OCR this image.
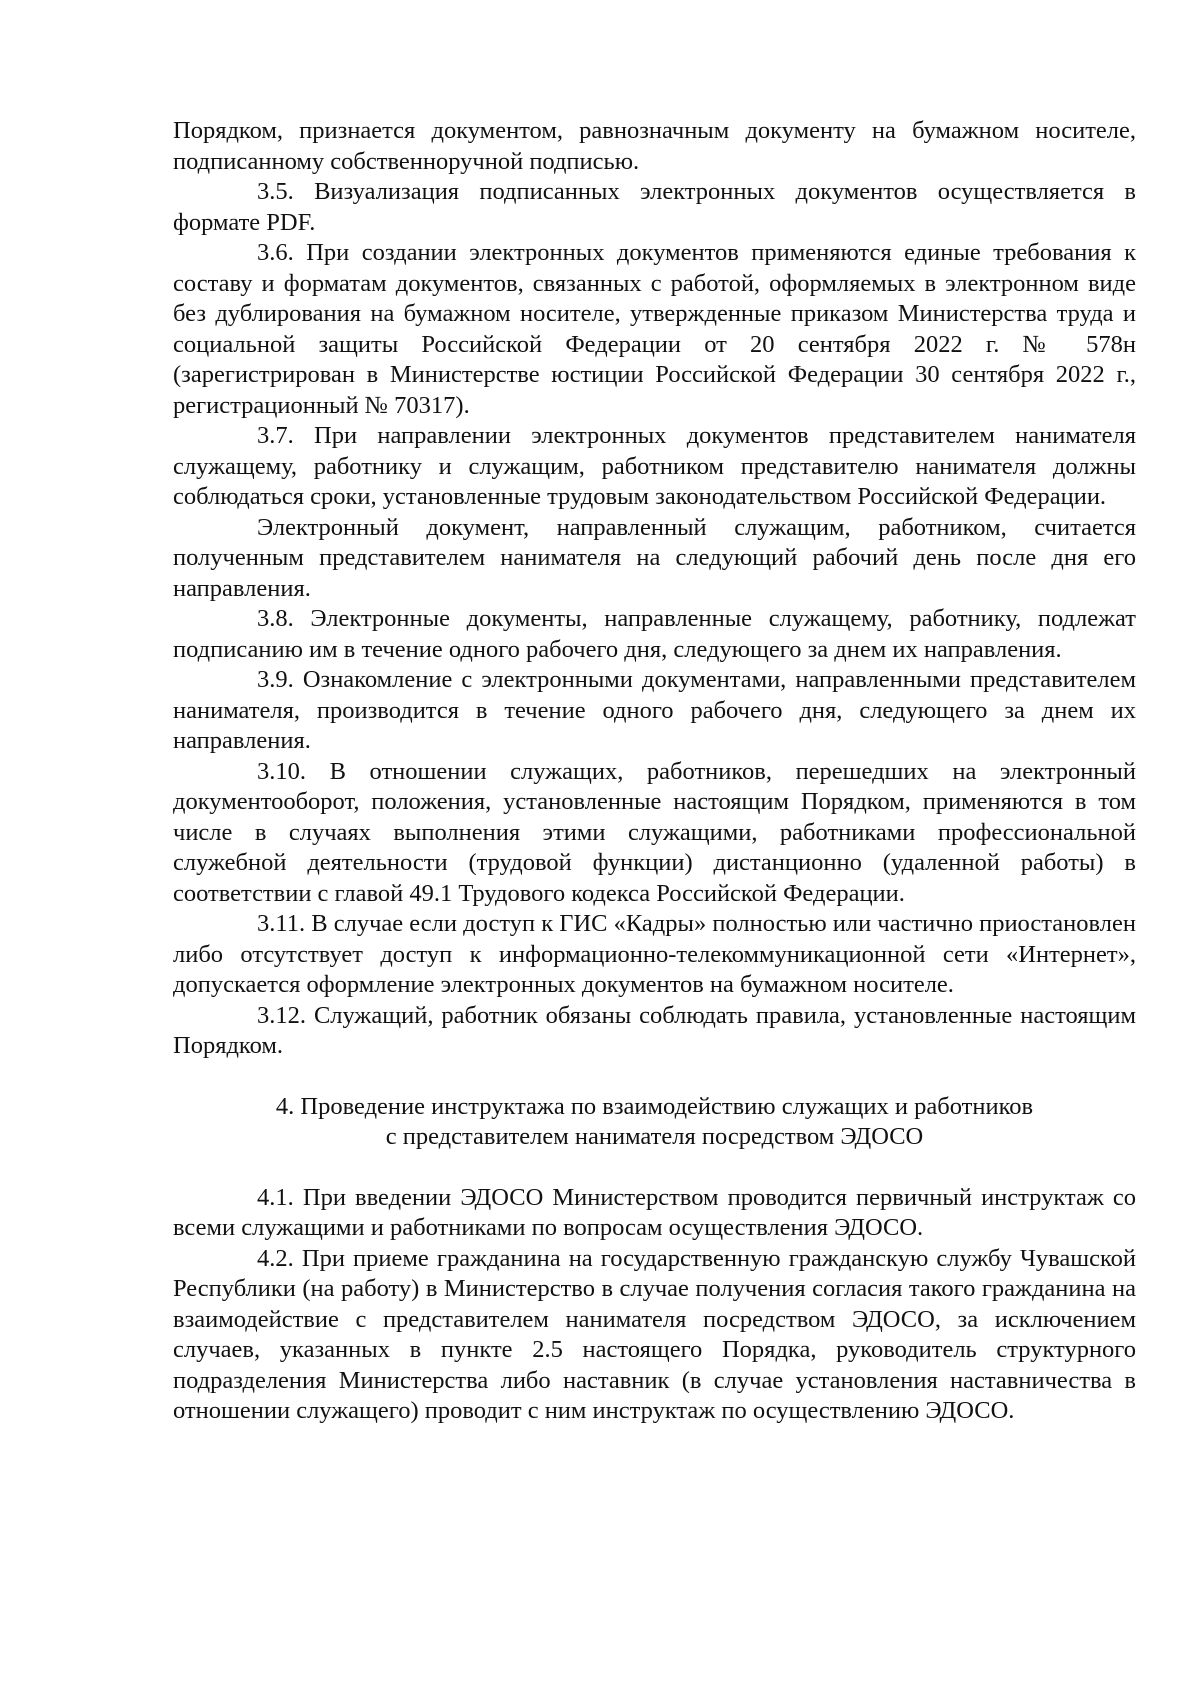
Порядком, признается документом, равнозначным документу на бумажном носителе, подписанному собственноручной подписью.

3.5. Визуализация подписанных электронных документов осуществляется в формате PDF.

3.6. При создании электронных документов применяются единые требования к составу и форматам документов, связанных с работой, оформляемых в электронном виде без дублирования на бумажном носителе, утвержденные приказом Министерства труда и социальной защиты Российской Федерации от 20 сентября 2022 г. № 578н (зарегистрирован в Министерстве юстиции Российской Федерации 30 сентября 2022 г., регистрационный № 70317).

3.7. При направлении электронных документов представителем нанимателя служащему, работнику и служащим, работником представителю нанимателя должны соблюдаться сроки, установленные трудовым законодательством Российской Федерации.

Электронный документ, направленный служащим, работником, считается полученным представителем нанимателя на следующий рабочий день после дня его направления.

3.8. Электронные документы, направленные служащему, работнику, подлежат подписанию им в течение одного рабочего дня, следующего за днем их направления.

3.9. Ознакомление с электронными документами, направленными представителем нанимателя, производится в течение одного рабочего дня, следующего за днем их направления.

3.10. В отношении служащих, работников, перешедших на электронный документооборот, положения, установленные настоящим Порядком, применяются в том числе в случаях выполнения этими служащими, работниками профессиональной служебной деятельности (трудовой функции) дистанционно (удаленной работы) в соответствии с главой 49.1 Трудового кодекса Российской Федерации.

3.11. В случае если доступ к ГИС «Кадры» полностью или частично приостановлен либо отсутствует доступ к информационно-телекоммуникационной сети «Интернет», допускается оформление электронных документов на бумажном носителе.

3.12. Служащий, работник обязаны соблюдать правила, установленные настоящим Порядком.

4. Проведение инструктажа по взаимодействию служащих и работников
с представителем нанимателя посредством ЭДОСО

4.1. При введении ЭДОСО Министерством проводится первичный инструктаж со всеми служащими и работниками по вопросам осуществления ЭДОСО.

4.2. При приеме гражданина на государственную гражданскую службу Чувашской Республики (на работу) в Министерство в случае получения согласия такого гражданина на взаимодействие с представителем нанимателя посредством ЭДОСО, за исключением случаев, указанных в пункте 2.5 настоящего Порядка, руководитель структурного подразделения Министерства либо наставник (в случае установления наставничества в отношении служащего) проводит с ним инструктаж по осуществлению ЭДОСО.
